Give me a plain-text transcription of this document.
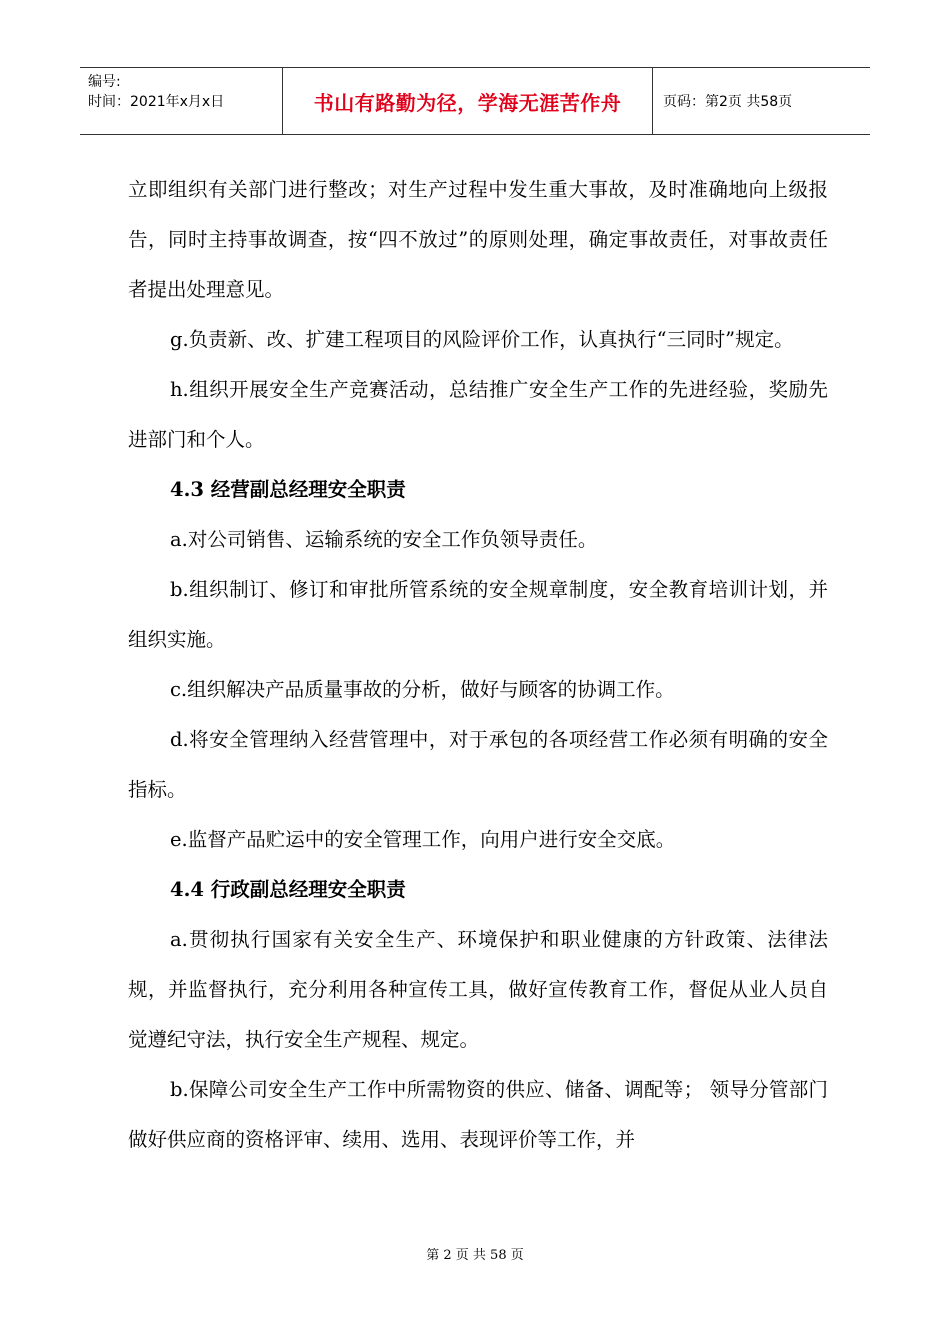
编号:
时间：2021年x月x日	书山有路勤为径，学海无涯苦作舟	页码：第2页 共58页

立即组织有关部门进行整改；对生产过程中发生重大事故，及时准确地向上级报告，同时主持事故调查，按“四不放过”的原则处理，确定事故责任，对事故责任者提出处理意见。

g.负责新、改、扩建工程项目的风险评价工作，认真执行“三同时”规定。

h.组织开展安全生产竞赛活动，总结推广安全生产工作的先进经验，奖励先进部门和个人。

4.3 经营副总经理安全职责

a.对公司销售、运输系统的安全工作负领导责任。

b.组织制订、修订和审批所管系统的安全规章制度，安全教育培训计划，并组织实施。

c.组织解决产品质量事故的分析，做好与顾客的协调工作。

d.将安全管理纳入经营管理中，对于承包的各项经营工作必须有明确的安全指标。

e.监督产品贮运中的安全管理工作，向用户进行安全交底。

4.4 行政副总经理安全职责

a.贯彻执行国家有关安全生产、环境保护和职业健康的方针政策、法律法规，并监督执行，充分利用各种宣传工具，做好宣传教育工作，督促从业人员自觉遵纪守法，执行安全生产规程、规定。

b.保障公司安全生产工作中所需物资的供应、储备、调配等； 领导分管部门做好供应商的资格评审、续用、选用、表现评价等工作，并

第 2 页 共 58 页
